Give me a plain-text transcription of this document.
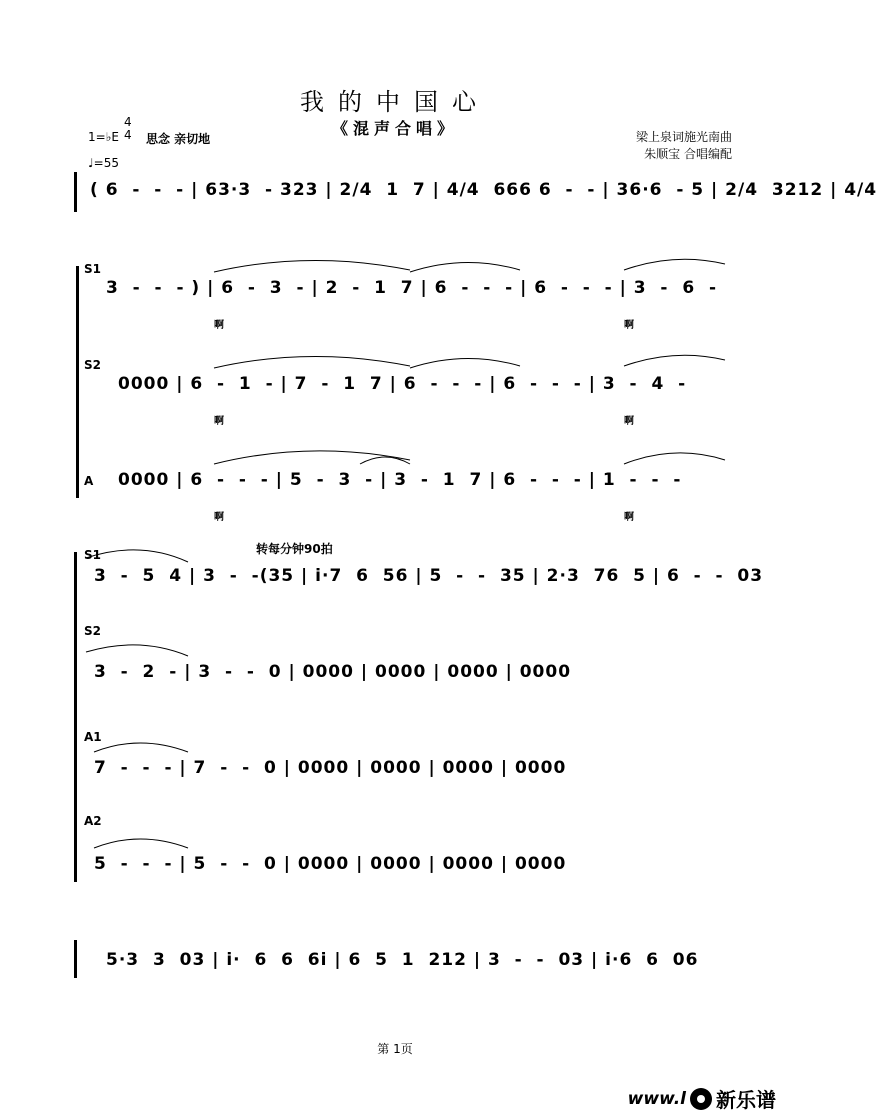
我的中国心
《混声合唱》
1=♭E
4
4 思念 亲切地
♩=55
梁上泉词施光南曲
朱顺宝 合唱编配
( 6  -  -  - | 63·3  - 323 | 2/4  1  7 | 4/4  666 6  -  - | 36·6  - 5 | 2/4  3212 | 4/4
S1
3  -  -  - ) | 6  -  3  - | 2  -  1  7 | 6  -  -  - | 6  -  -  - | 3  -  6  -
啊	啊
S2
0000 | 6  -  1  - | 7  -  1  7 | 6  -  -  - | 6  -  -  - | 3  -  4  -
啊	啊
A 0000 | 6  -  -  - | 5  -  3  - | 3  -  1  7 | 6  -  -  - | 1  -  -  -
啊	啊
转每分钟90拍
S1
3  -  5  4 | 3  -  -(35 | i·7  6  56 | 5  -  -  35 | 2·3  76  5 | 6  -  -  03
S2
3  -  2  - | 3  -  -  0 | 0000 | 0000 | 0000 | 0000
A1
7  -  -  - | 7  -  -  0 | 0000 | 0000 | 0000 | 0000
A2
5  -  -  - | 5  -  -  0 | 0000 | 0000 | 0000 | 0000
5·3  3  03 | i·  6  6  6i | 6  5  1  212 | 3  -  -  03 | i·6  6  06
第 1页
www.l 新乐谱
